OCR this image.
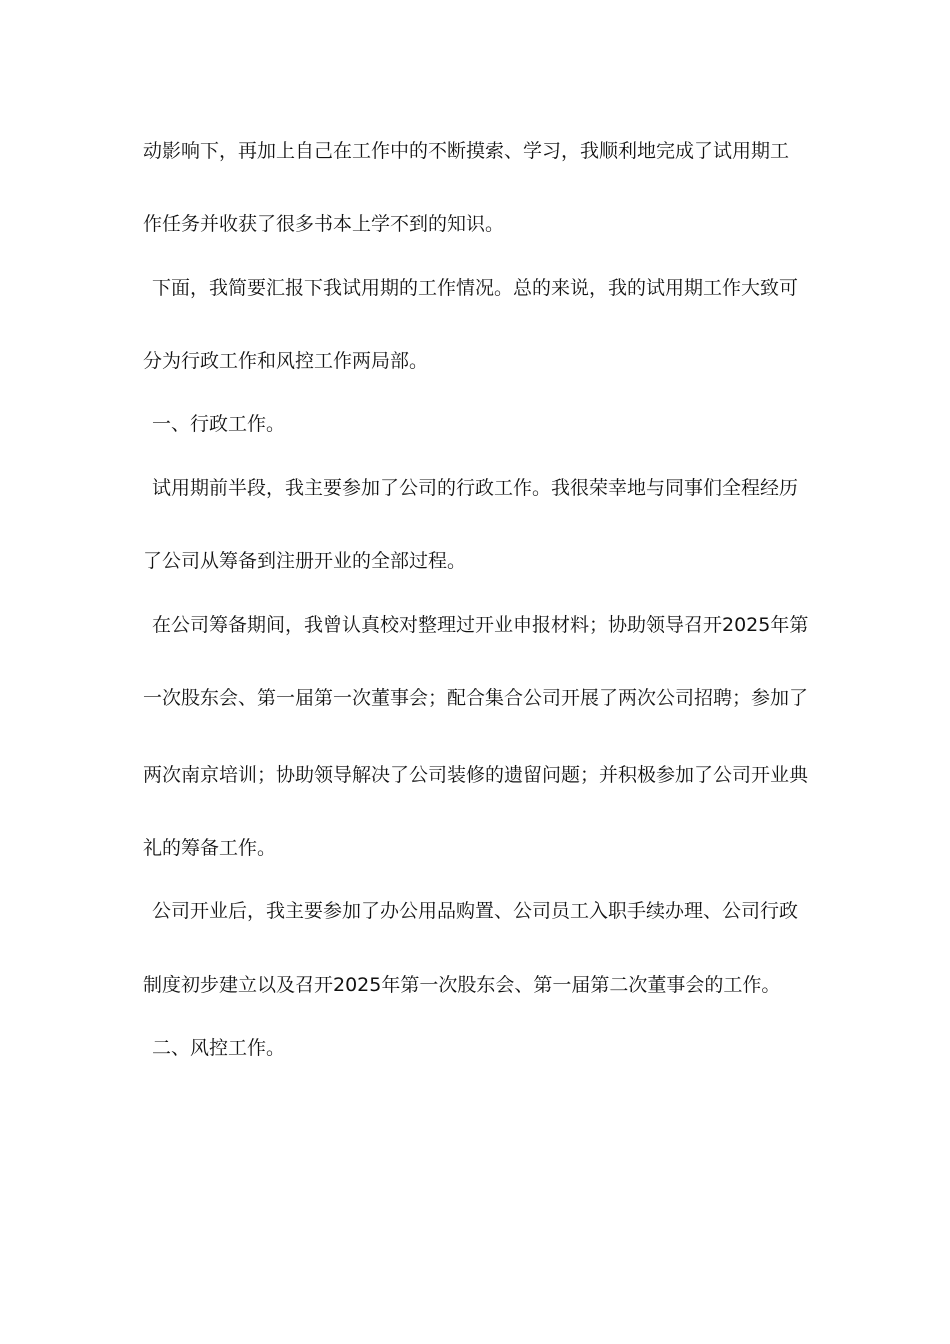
动影响下，再加上自己在工作中的不断摸索、学习，我顺利地完成了试用期工
作任务并收获了很多书本上学不到的知识。
下面，我简要汇报下我试用期的工作情况。总的来说，我的试用期工作大致可
分为行政工作和风控工作两局部。
一、行政工作。
试用期前半段，我主要参加了公司的行政工作。我很荣幸地与同事们全程经历
了公司从筹备到注册开业的全部过程。
在公司筹备期间，我曾认真校对整理过开业申报材料；协助领导召开2025年第
一次股东会、第一届第一次董事会；配合集合公司开展了两次公司招聘；参加了
两次南京培训；协助领导解决了公司装修的遗留问题；并积极参加了公司开业典
礼的筹备工作。
公司开业后，我主要参加了办公用品购置、公司员工入职手续办理、公司行政
制度初步建立以及召开2025年第一次股东会、第一届第二次董事会的工作。
二、风控工作。
